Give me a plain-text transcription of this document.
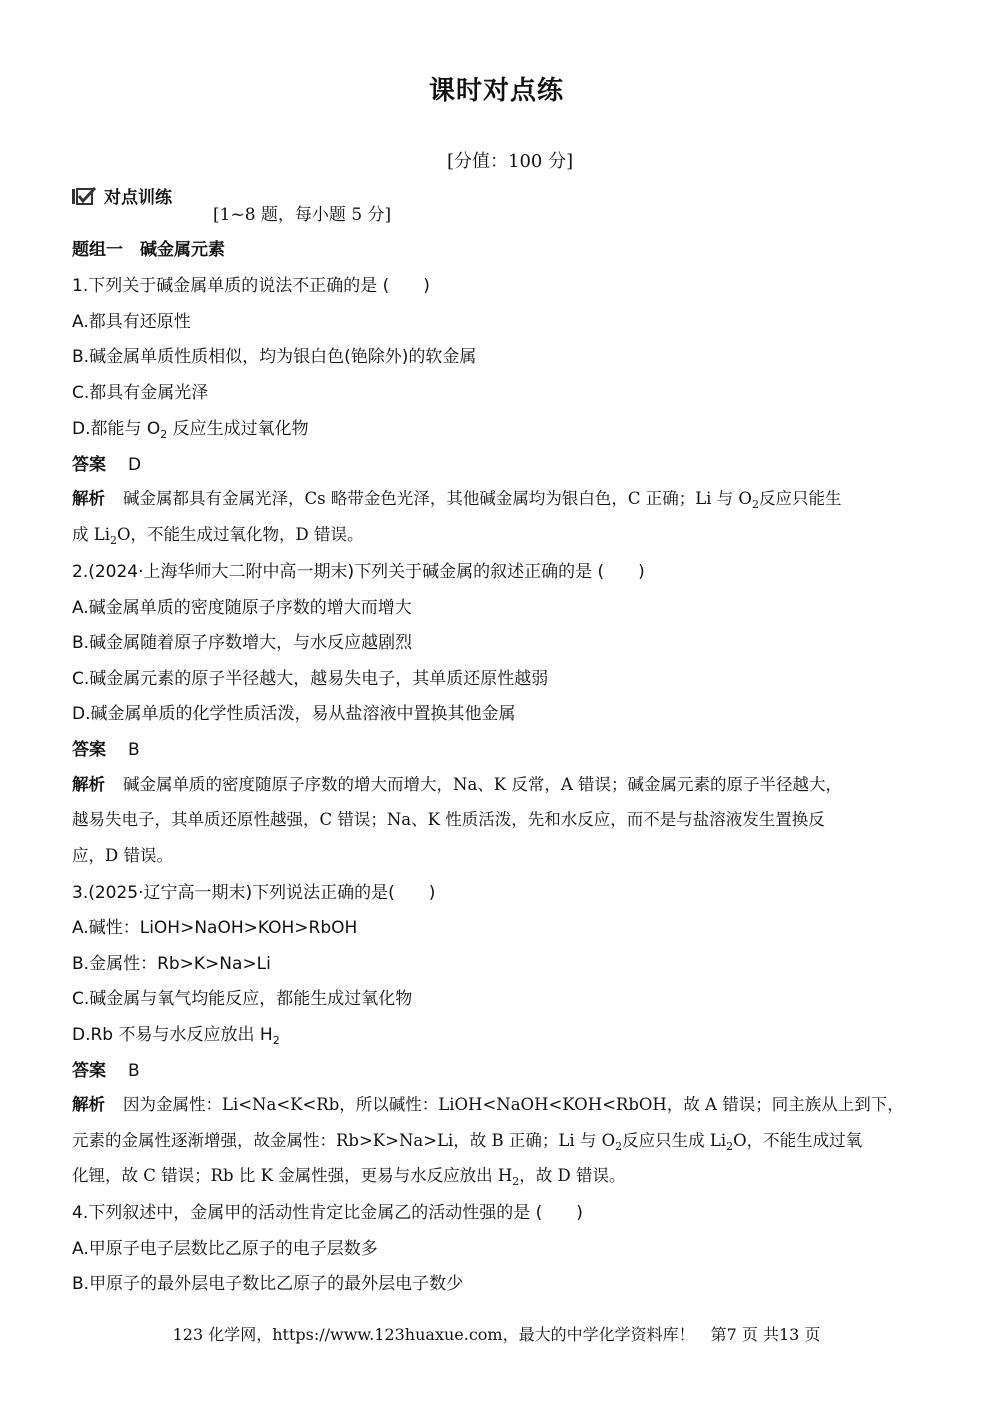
课时对点练
[分值：100 分]
对点训练
[1~8 题，每小题 5 分]
题组一　碱金属元素
1.下列关于碱金属单质的说法不正确的是 (　　)
A.都具有还原性
B.碱金属单质性质相似，均为银白色(铯除外)的软金属
C.都具有金属光泽
D.都能与 $O_2$ 反应生成过氧化物
答案 D
解析 碱金属都具有金属光泽，Cs 略带金色光泽，其他碱金属均为银白色，C 正确；Li 与 $O_2$反应只能生
成 $Li_2O$，不能生成过氧化物，D 错误。
2.(2024·上海华师大二附中高一期末)下列关于碱金属的叙述正确的是 (　　)
A.碱金属单质的密度随原子序数的增大而增大
B.碱金属随着原子序数增大，与水反应越剧烈
C.碱金属元素的原子半径越大，越易失电子，其单质还原性越弱
D.碱金属单质的化学性质活泼，易从盐溶液中置换其他金属
答案 B
解析 碱金属单质的密度随原子序数的增大而增大，Na、K 反常，A 错误；碱金属元素的原子半径越大，
越易失电子，其单质还原性越强，C 错误；Na、K 性质活泼，先和水反应，而不是与盐溶液发生置换反
应，D 错误。
3.(2025·辽宁高一期末)下列说法正确的是(　　)
A.碱性：LiOH>NaOH>KOH>RbOH
B.金属性：Rb>K>Na>Li
C.碱金属与氧气均能反应，都能生成过氧化物
D.Rb 不易与水反应放出 $H_2$
答案 B
解析 因为金属性：Li<Na<K<Rb，所以碱性：LiOH<NaOH<KOH<RbOH，故 A 错误；同主族从上到下，
元素的金属性逐渐增强，故金属性：Rb>K>Na>Li，故 B 正确；Li 与 $O_2$反应只生成 $Li_2O$，不能生成过氧
化锂，故 C 错误；Rb 比 K 金属性强，更易与水反应放出 $H_2$，故 D 错误。
4.下列叙述中，金属甲的活动性肯定比金属乙的活动性强的是 (　　)
A.甲原子电子层数比乙原子的电子层数多
B.甲原子的最外层电子数比乙原子的最外层电子数少
123 化学网，https://www.123huaxue.com，最大的中学化学资料库！　第7 页 共13 页
